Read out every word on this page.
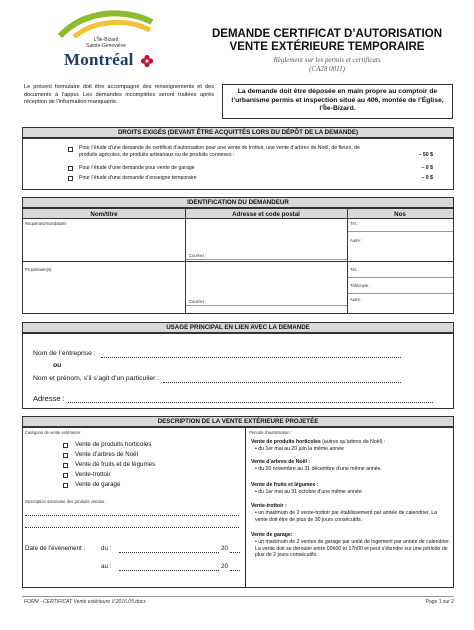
L'Île-Bizard
Sainte-Geneviève
Montréal
DEMANDE CERTIFICAT D’AUTORISATION
VENTE EXTÉRIEURE TEMPORAIRE
Règlement sur les permis et certificats
(CA28 0011)
Le présent formulaire doit être accompagné des renseignements et des documents à l’appui. Les demandes incomplètes seront traitées après réception de l’information manquante.
La demande doit être déposée en main propre au comptoir de l’urbanisme permis et inspection situé au 406, montée de l’Église, l’Île-Bizard.
DROITS EXIGÉS (DEVANT ÊTRE ACQUITTÉS LORS DU DÉPÔT DE LA DEMANDE)
Pour l’étude d’une demande de certificat d’autorisation pour une vente de trottoir, une vente d’arbres de Noël, de fleurs, de produits agricoles, de produits artisanaux ou de produits connexes :	– 50 $
Pour l’étude d’une demande pour vente de garage	– 0 $
Pour l’étude d’une demande d’enseigne temporaire	– 0 $
IDENTIFICATION DU DEMANDEUR
Nom/titre	Adresse et code postal	Nos
Requérant/mandataire
Courriel :
Tél. :
Autre :
Propriétaire(s)
Courriel :
Tél. :
Télécopie :
Autre :
USAGE PRINCIPAL EN LIEN AVEC LA DEMANDE
Nom de l’entreprise :
ou
Nom et prénom, s’il s’agit d’un particulier :
Adresse :
DESCRIPTION DE LA VENTE EXTÉRIEURE PROJETÉE
Catégorie de vente extérieure :
Vente de produits horticoles
Vente d’arbres de Noël
Vente de fruits et de légumes
Vente-trottoir
Vente de garage
Description sommaire des produits vendus :
Date de l’évènement :	du :	20
au :	20
Période d’autorisation :
Vente de produits horticoles (autres qu’arbres de Noël) :
• du 1er mai au 20 juin la même année
Vente d’arbres de Noël :
• du 20 novembre au 31 décembre d’une même année.
Vente de fruits et légumes :
• du 1er mai au 31 octobre d’une même année
Vente-trottoir :
• un maximum de 2 vente-trottoir par établissement par année de calendrier. La vente doit être de plus de 30 jours consécutifs.
Vente de garage:
• un maximum de 2 ventes de garage par unité de logement par année de calendrier. La vente doit se dérouler entre 09h00 et 17h00 et peut s’étendre sur une période de plus de 2 jours consécutifs.
FORM - CERTIFICAT Vente extérieure V.2016.05.docx	Page 1 sur 2
